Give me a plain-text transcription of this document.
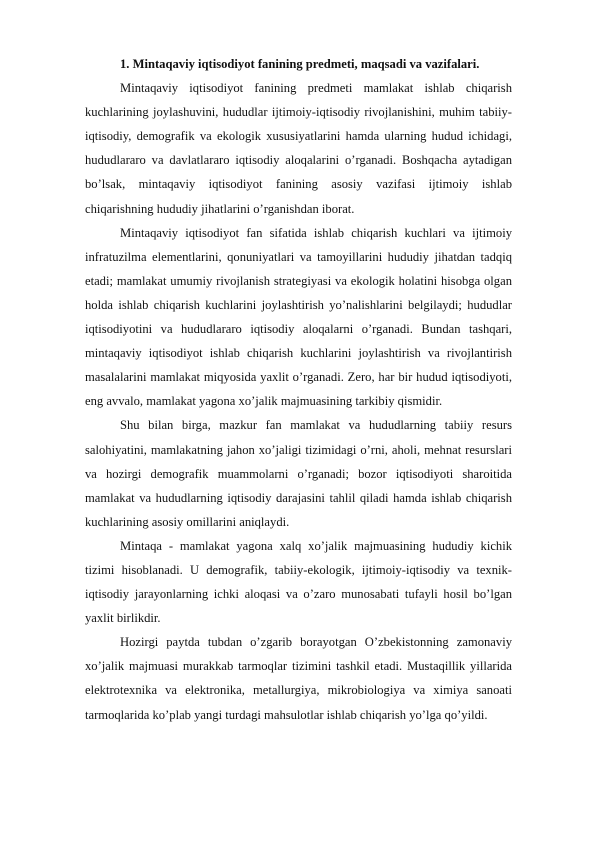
1. Mintaqaviy iqtisodiyot fanining predmeti, maqsadi va vazifalari.

Mintaqaviy iqtisodiyot fanining predmeti mamlakat ishlab chiqarish kuchlarining joylashuvini, hududlar ijtimoiy-iqtisodiy rivojlanishini, muhim tabiiy-iqtisodiy, demografik va ekologik xususiyatlarini hamda ularning hudud ichidagi, hududlararo va davlatlararo iqtisodiy aloqalarini o’rganadi. Boshqacha aytadigan bo’lsak, mintaqaviy iqtisodiyot fanining asosiy vazifasi ijtimoiy ishlab chiqarishning hududiy jihatlarini o’rganishdan iborat.

Mintaqaviy iqtisodiyot fan sifatida ishlab chiqarish kuchlari va ijtimoiy infratuzilma elementlarini, qonuniyatlari va tamoyillarini hududiy jihatdan tadqiq etadi; mamlakat umumiy rivojlanish strategiyasi va ekologik holatini hisobga olgan holda ishlab chiqarish kuchlarini joylashtirish yo’nalishlarini belgilaydi; hududlar iqtisodiyotini va hududlararo iqtisodiy aloqalarni o’rganadi. Bundan tashqari, mintaqaviy iqtisodiyot ishlab chiqarish kuchlarini joylashtirish va rivojlantirish masalalarini mamlakat miqyosida yaxlit o’rganadi. Zero, har bir hudud iqtisodiyoti, eng avvalo, mamlakat yagona xo’jalik majmuasining tarkibiy qismidir.

Shu bilan birga, mazkur fan mamlakat va hududlarning tabiiy resurs salohiyatini, mamlakatning jahon xo’jaligi tizimidagi o’rni, aholi, mehnat resurslari va hozirgi demografik muammolarni o’rganadi; bozor iqtisodiyoti sharoitida mamlakat va hududlarning iqtisodiy darajasini tahlil qiladi hamda ishlab chiqarish kuchlarining asosiy omillarini aniqlaydi.

Mintaqa - mamlakat yagona xalq xo’jalik majmuasining hududiy kichik tizimi hisoblanadi. U demografik, tabiiy-ekologik, ijtimoiy-iqtisodiy va texnik-iqtisodiy jarayonlarning ichki aloqasi va o’zaro munosabati tufayli hosil bo’lgan yaxlit birlikdir.

Hozirgi paytda tubdan o’zgarib borayotgan O’zbekistonning zamonaviy xo’jalik majmuasi murakkab tarmoqlar tizimini tashkil etadi. Mustaqillik yillarida elektrotexnika va elektronika, metallurgiya, mikrobiologiya va ximiya sanoati tarmoqlarida ko’plab yangi turdagi mahsulotlar ishlab chiqarish yo’lga qo’yildi.
